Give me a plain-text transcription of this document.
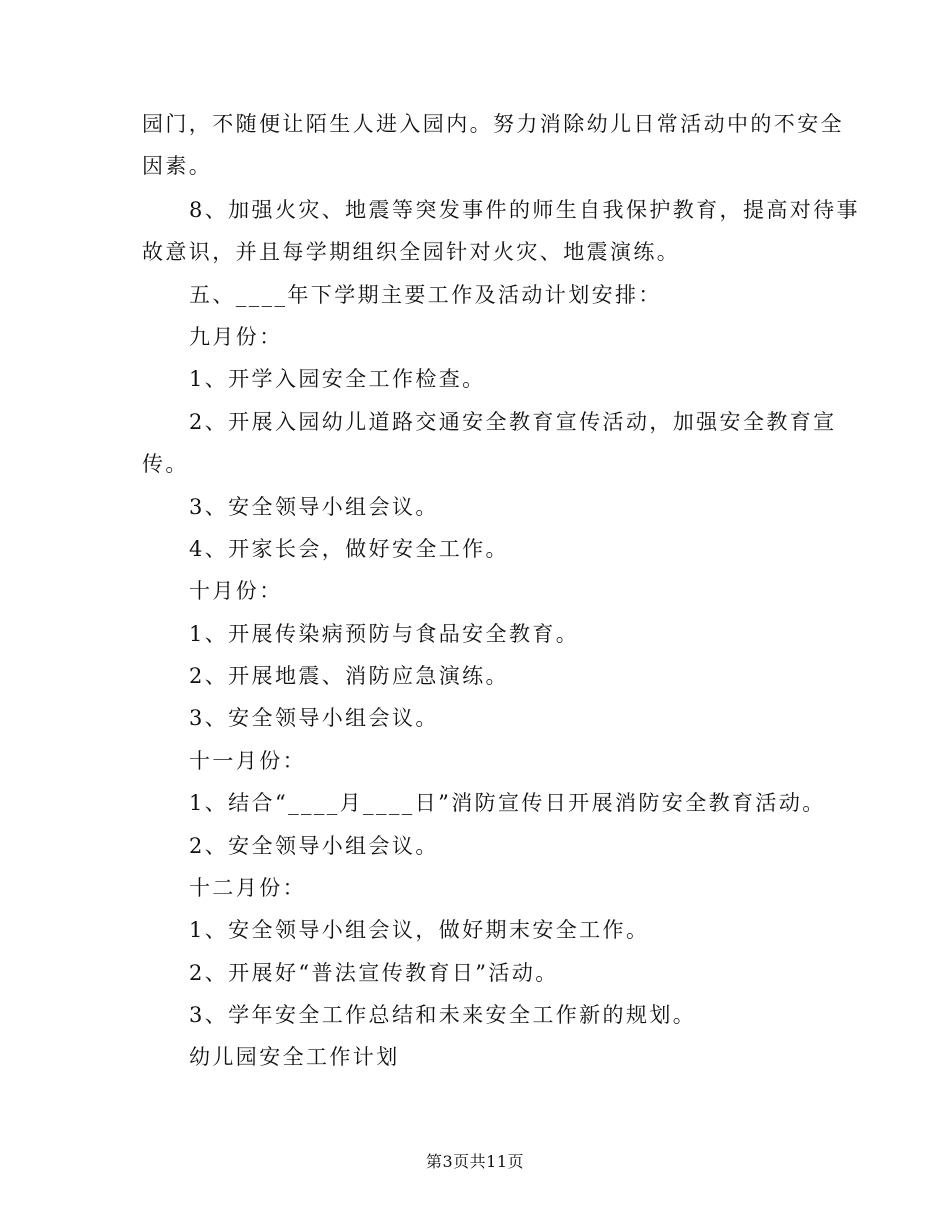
园门，不随便让陌生人进入园内。努力消除幼儿日常活动中的不安全
因素。
8、加强火灾、地震等突发事件的师生自我保护教育，提高对待事
故意识，并且每学期组织全园针对火灾、地震演练。
五、____年下学期主要工作及活动计划安排：
九月份：
1、开学入园安全工作检查。
2、开展入园幼儿道路交通安全教育宣传活动，加强安全教育宣
传。
3、安全领导小组会议。
4、开家长会，做好安全工作。
十月份：
1、开展传染病预防与食品安全教育。
2、开展地震、消防应急演练。
3、安全领导小组会议。
十一月份：
1、结合“____月____日”消防宣传日开展消防安全教育活动。
2、安全领导小组会议。
十二月份：
1、安全领导小组会议，做好期末安全工作。
2、开展好“普法宣传教育日”活动。
3、学年安全工作总结和未来安全工作新的规划。
幼儿园安全工作计划
第3页共11页
